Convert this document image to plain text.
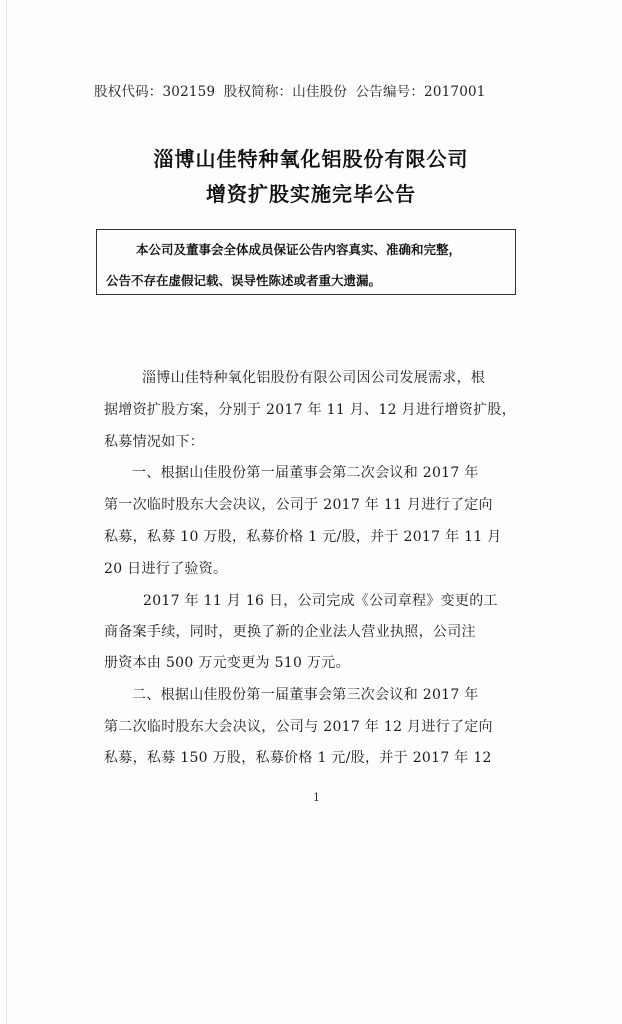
股权代码：302159 股权简称：山佳股份 公告编号：2017001
淄博山佳特种氧化铝股份有限公司
增资扩股实施完毕公告
本公司及董事会全体成员保证公告内容真实、准确和完整，
公告不存在虚假记载、误导性陈述或者重大遗漏。
淄博山佳特种氧化铝股份有限公司因公司发展需求，根
据增资扩股方案，分别于 2017 年 11 月、12 月进行增资扩股，
私募情况如下：
一、根据山佳股份第一届董事会第二次会议和 2017 年
第一次临时股东大会决议，公司于 2017 年 11 月进行了定向
私募，私募 10 万股，私募价格 1 元/股，并于 2017 年 11 月
20 日进行了验资。
2017 年 11 月 16 日，公司完成《公司章程》变更的工
商备案手续，同时，更换了新的企业法人营业执照，公司注
册资本由 500 万元变更为 510 万元。
二、根据山佳股份第一届董事会第三次会议和 2017 年
第二次临时股东大会决议，公司与 2017 年 12 月进行了定向
私募，私募 150 万股，私募价格 1 元/股，并于 2017 年 12
1
